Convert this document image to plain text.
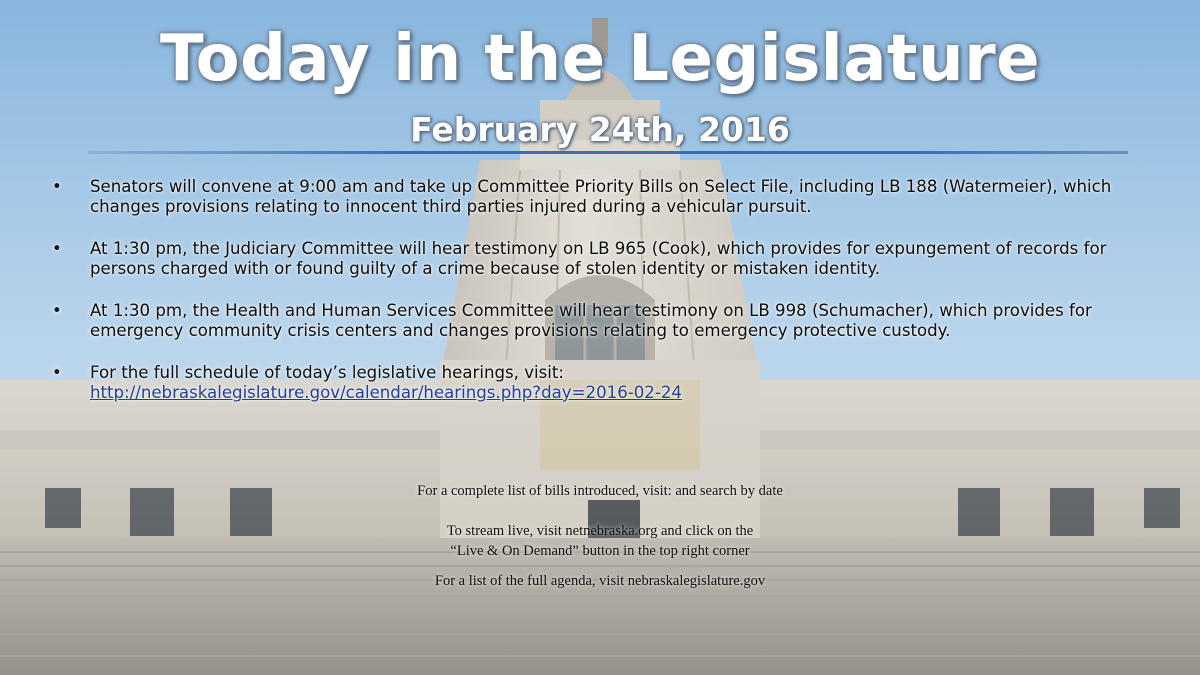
Today in the Legislature
February 24th, 2016
• Senators will convene at 9:00 am and take up Committee Priority Bills on Select File, including LB 188 (Watermeier), which changes provisions relating to innocent third parties injured during a vehicular pursuit.
• At 1:30 pm, the Judiciary Committee will hear testimony on LB 965 (Cook), which provides for expungement of records for persons charged with or found guilty of a crime because of stolen identity or mistaken identity.
• At 1:30 pm, the Health and Human Services Committee will hear testimony on LB 998 (Schumacher), which provides for emergency community crisis centers and changes provisions relating to emergency protective custody.
• For the full schedule of today’s legislative hearings, visit:
http://nebraskalegislature.gov/calendar/hearings.php?day=2016-02-24
For a complete list of bills introduced, visit: and search by date
To stream live, visit netnebraska.org and click on the
“Live & On Demand” button in the top right corner
For a list of the full agenda, visit nebraskalegislature.gov
